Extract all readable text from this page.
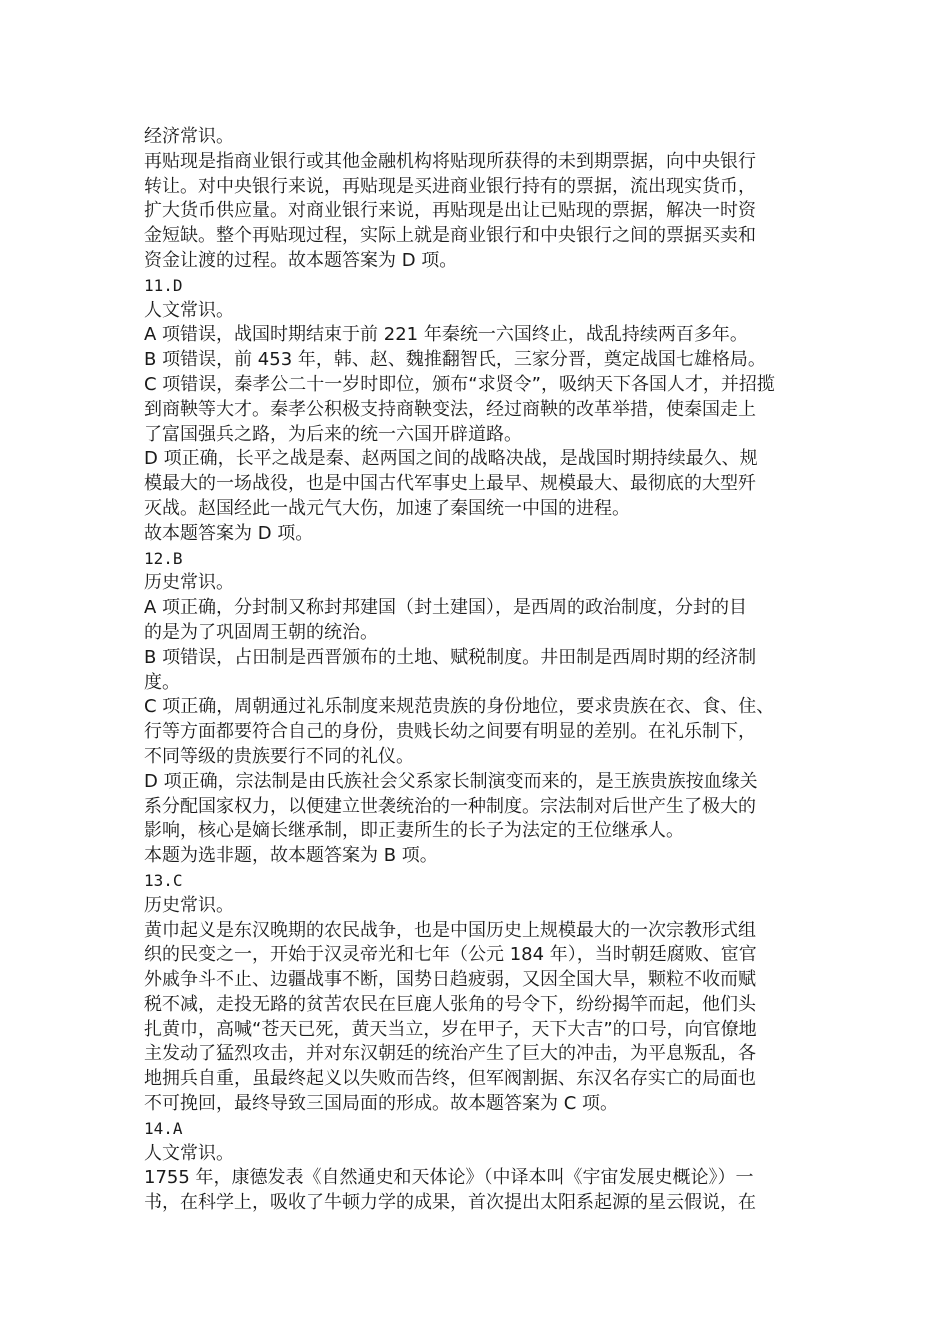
经济常识。
再贴现是指商业银行或其他金融机构将贴现所获得的未到期票据，向中央银行
转让。对中央银行来说，再贴现是买进商业银行持有的票据，流出现实货币，
扩大货币供应量。对商业银行来说，再贴现是出让已贴现的票据，解决一时资
金短缺。整个再贴现过程，实际上就是商业银行和中央银行之间的票据买卖和
资金让渡的过程。故本题答案为 D 项。
11.D
人文常识。
A 项错误，战国时期结束于前 221 年秦统一六国终止，战乱持续两百多年。
B 项错误，前 453 年，韩、赵、魏推翻智氏，三家分晋，奠定战国七雄格局。
C 项错误，秦孝公二十一岁时即位，颁布“求贤令”，吸纳天下各国人才，并招揽
到商鞅等大才。秦孝公积极支持商鞅变法，经过商鞅的改革举措，使秦国走上
了富国强兵之路，为后来的统一六国开辟道路。
D 项正确，长平之战是秦、赵两国之间的战略决战，是战国时期持续最久、规
模最大的一场战役，也是中国古代军事史上最早、规模最大、最彻底的大型歼
灭战。赵国经此一战元气大伤，加速了秦国统一中国的进程。
故本题答案为 D 项。
12.B
历史常识。
A 项正确，分封制又称封邦建国（封土建国），是西周的政治制度，分封的目
的是为了巩固周王朝的统治。
B 项错误，占田制是西晋颁布的土地、赋税制度。井田制是西周时期的经济制
度。
C 项正确，周朝通过礼乐制度来规范贵族的身份地位，要求贵族在衣、食、住、
行等方面都要符合自己的身份，贵贱长幼之间要有明显的差别。在礼乐制下，
不同等级的贵族要行不同的礼仪。
D 项正确，宗法制是由氏族社会父系家长制演变而来的，是王族贵族按血缘关
系分配国家权力，以便建立世袭统治的一种制度。宗法制对后世产生了极大的
影响，核心是嫡长继承制，即正妻所生的长子为法定的王位继承人。
本题为选非题，故本题答案为 B 项。
13.C
历史常识。
黄巾起义是东汉晚期的农民战争，也是中国历史上规模最大的一次宗教形式组
织的民变之一，开始于汉灵帝光和七年（公元 184 年），当时朝廷腐败、宦官
外戚争斗不止、边疆战事不断，国势日趋疲弱，又因全国大旱，颗粒不收而赋
税不减，走投无路的贫苦农民在巨鹿人张角的号令下，纷纷揭竿而起，他们头
扎黄巾，高喊“苍天已死，黄天当立，岁在甲子，天下大吉”的口号，向官僚地
主发动了猛烈攻击，并对东汉朝廷的统治产生了巨大的冲击，为平息叛乱，各
地拥兵自重，虽最终起义以失败而告终，但军阀割据、东汉名存实亡的局面也
不可挽回，最终导致三国局面的形成。故本题答案为 C 项。
14.A
人文常识。
1755 年，康德发表《自然通史和天体论》（中译本叫《宇宙发展史概论》）一
书，在科学上，吸收了牛顿力学的成果，首次提出太阳系起源的星云假说，在
